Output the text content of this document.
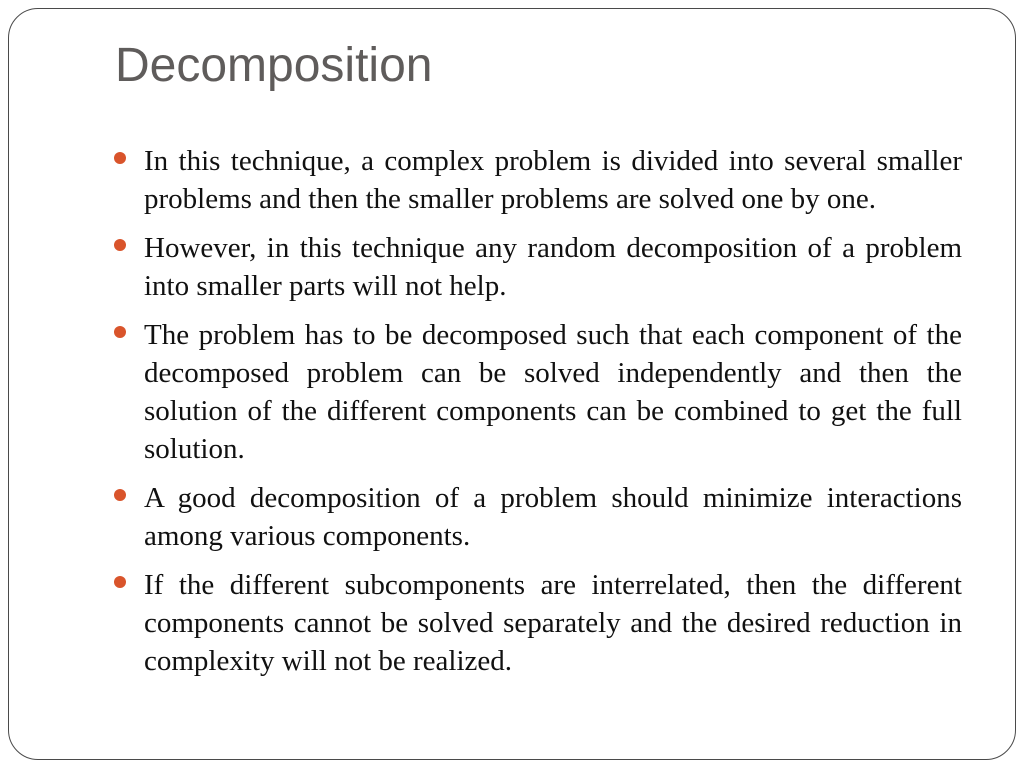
Decomposition
In this technique, a complex problem is divided into several smaller problems and then the smaller problems are solved one by one.
However, in this technique any random decomposition of a problem into smaller parts will not help.
The problem has to be decomposed such that each component of the decomposed problem can be solved independently and then the solution of the different components can be combined to get the full solution.
A good decomposition of a problem should minimize interactions among various components.
If the different subcomponents are interrelated, then the different components cannot be solved separately and the desired reduction in complexity will not be realized.
